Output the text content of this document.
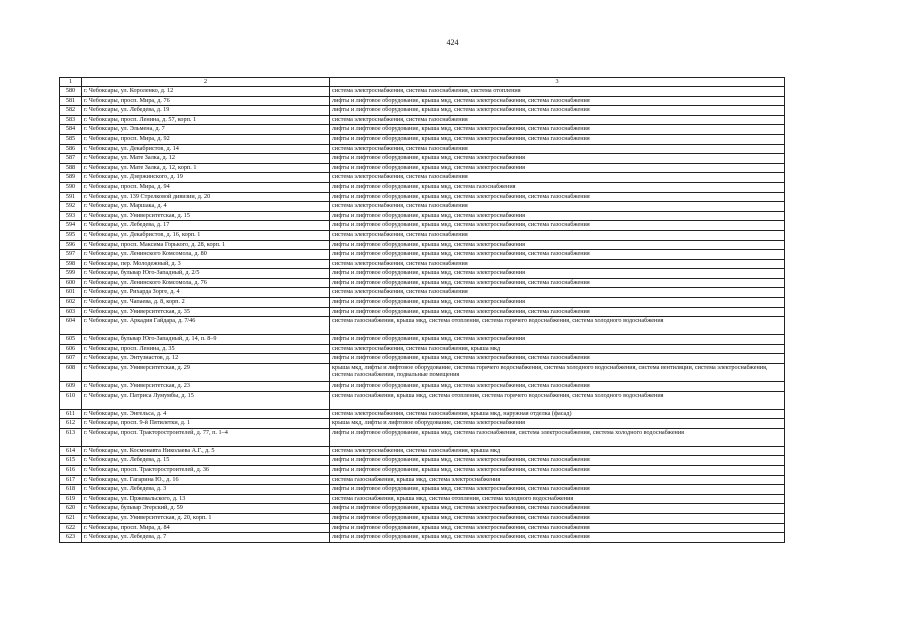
424
1	2	3
580	г. Чебоксары, ул. Короленко, д. 12	система электроснабжения, система газоснабжения, система отопления
581	г. Чебоксары, просп. Мира, д. 76	лифты и лифтовое оборудование, крыша мкд, система электроснабжения, система газоснабжения
582	г. Чебоксары, ул. Лебедева, д. 19	лифты и лифтовое оборудование, крыша мкд, система электроснабжения, система газоснабжения
583	г. Чебоксары, просп. Ленина, д. 57, корп. 1	система электроснабжения, система газоснабжения
584	г. Чебоксары, ул. Эльмена, д. 7	лифты и лифтовое оборудование, крыша мкд, система электроснабжения, система газоснабжения
585	г. Чебоксары, просп. Мира, д. 92	лифты и лифтовое оборудование, крыша мкд, система электроснабжения, система газоснабжения
586	г. Чебоксары, ул. Декабристов, д. 14	система электроснабжения, система газоснабжения
587	г. Чебоксары, ул. Мате Залка, д. 12	лифты и лифтовое оборудование, крыша мкд, система электроснабжения
588	г. Чебоксары, ул. Мате Залка, д. 12, корп. 1	лифты и лифтовое оборудование, крыша мкд, система электроснабжения
589	г. Чебоксары, ул. Дзержинского, д. 19	система электроснабжения, система газоснабжения
590	г. Чебоксары, просп. Мира, д. 94	лифты и лифтовое оборудование, крыша мкд, система газоснабжения
591	г. Чебоксары, ул. 139 Стрелковой дивизии, д. 20	лифты и лифтовое оборудование, крыша мкд, система электроснабжения, система газоснабжения
592	г. Чебоксары, ул. Маршака, д. 4	система электроснабжения, система газоснабжения
593	г. Чебоксары, ул. Университетская, д. 15	лифты и лифтовое оборудование, крыша мкд, система электроснабжения
594	г. Чебоксары, ул. Лебедева, д. 17	лифты и лифтовое оборудование, крыша мкд, система электроснабжения, система газоснабжения
595	г. Чебоксары, ул. Декабристов, д. 16, корп. 1	система электроснабжения, система газоснабжения
596	г. Чебоксары, просп. Максима Горького, д. 28, корп. 1	лифты и лифтовое оборудование, крыша мкд, система электроснабжения
597	г. Чебоксары, ул. Ленинского Комсомола, д. 80	лифты и лифтовое оборудование, крыша мкд, система электроснабжения, система газоснабжения
598	г. Чебоксары, пер. Молодежный, д. 3	система электроснабжения, система газоснабжения
599	г. Чебоксары, бульвар Юго-Западный, д. 2/5	лифты и лифтовое оборудование, крыша мкд, система электроснабжения
600	г. Чебоксары, ул. Ленинского Комсомола, д. 76	лифты и лифтовое оборудование, крыша мкд, система электроснабжения, система газоснабжения
601	г. Чебоксары, ул. Рихарда Зорге, д. 4	система электроснабжения, система газоснабжения
602	г. Чебоксары, ул. Чапаева, д. 8, корп. 2	лифты и лифтовое оборудование, крыша мкд, система электроснабжения
603	г. Чебоксары, ул. Университетская, д. 35	лифты и лифтовое оборудование, крыша мкд, система электроснабжения, система газоснабжения
604	г. Чебоксары, ул. Аркадия Гайдара, д. 7/46	система газоснабжения, крыша мкд, система отопления, система горячего водоснабжения, система холодного водоснабжения
605	г. Чебоксары, бульвар Юго-Западный, д. 14, п. 8–9	лифты и лифтовое оборудование, крыша мкд, система электроснабжения
606	г. Чебоксары, просп. Ленина, д. 35	система электроснабжения, система газоснабжения, крыша мкд
607	г. Чебоксары, ул. Энтузиастов, д. 12	лифты и лифтовое оборудование, крыша мкд, система электроснабжения, система газоснабжения
608	г. Чебоксары, ул. Университетская, д. 29	крыша мкд, лифты и лифтовое оборудование, система горячего водоснабжения, система холодного водоснабжения, система вентиляции, система электроснабжения, система газоснабжения, подвальные помещения
609	г. Чебоксары, ул. Университетская, д. 23	лифты и лифтовое оборудование, крыша мкд, система электроснабжения, система газоснабжения
610	г. Чебоксары, ул. Патриса Лумумбы, д. 15	система газоснабжения, крыша мкд, система отопления, система горячего водоснабжения, система холодного водоснабжения
611	г. Чебоксары, ул. Энгельса, д. 4	система электроснабжения, система газоснабжения, крыша мкд, наружная отделка (фасад)
612	г. Чебоксары, просп. 9-й Пятилетки, д. 1	крыша мкд, лифты и лифтовое оборудование, система электроснабжения
613	г. Чебоксары, просп. Тракторостроителей, д. 77, п. 1–4	лифты и лифтовое оборудование, крыша мкд, система газоснабжения, система электроснабжения, система холодного водоснабжения
614	г. Чебоксары, ул. Космонавта Николаева А.Г., д. 5	система электроснабжения, система газоснабжения, крыша мкд
615	г. Чебоксары, ул. Лебедева, д. 15	лифты и лифтовое оборудование, крыша мкд, система электроснабжения, система газоснабжения
616	г. Чебоксары, просп. Тракторостроителей, д. 36	лифты и лифтовое оборудование, крыша мкд, система электроснабжения, система газоснабжения
617	г. Чебоксары, ул. Гагарина Ю., д. 16	система газоснабжения, крыша мкд, система электроснабжения
618	г. Чебоксары, ул. Лебедева, д. 3	лифты и лифтовое оборудование, крыша мкд, система электроснабжения, система газоснабжения
619	г. Чебоксары, ул. Пржевальского, д. 13	система газоснабжения, крыша мкд, система отопления, система холодного водоснабжения
620	г. Чебоксары, бульвар Эгерский, д. 59	лифты и лифтовое оборудование, крыша мкд, система электроснабжения, система газоснабжения
621	г. Чебоксары, ул. Университетская, д. 20, корп. 1	лифты и лифтовое оборудование, крыша мкд, система электроснабжения, система газоснабжения
622	г. Чебоксары, просп. Мира, д. 84	лифты и лифтовое оборудование, крыша мкд, система электроснабжения, система газоснабжения
623	г. Чебоксары, ул. Лебедева, д. 7	лифты и лифтовое оборудование, крыша мкд, система электроснабжения, система газоснабжения
